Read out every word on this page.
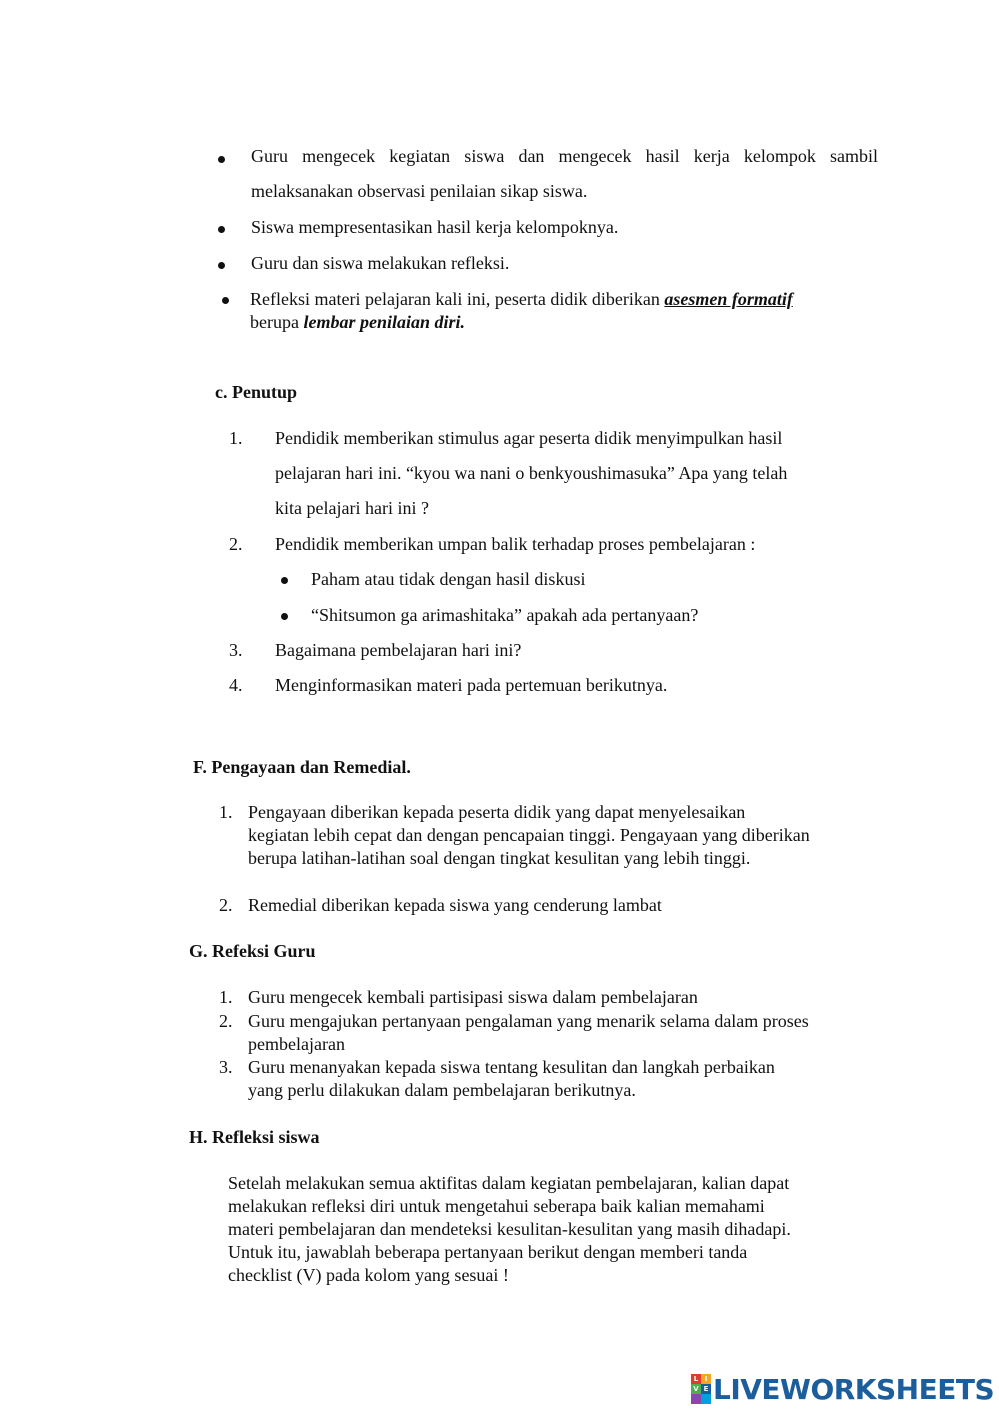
Guru mengecek kegiatan siswa dan mengecek hasil kerja kelompok sambil
melaksanakan observasi penilaian sikap siswa.
Siswa mempresentasikan hasil kerja kelompoknya.
Guru dan siswa melakukan refleksi.
Refleksi materi pelajaran kali ini, peserta didik diberikan asesmen formatif
berupa lembar penilaian diri.
c. Penutup
1. Pendidik memberikan stimulus agar peserta didik menyimpulkan hasil
pelajaran hari ini. “kyou wa nani o benkyoushimasuka” Apa yang telah
kita pelajari hari ini ?
2. Pendidik memberikan umpan balik terhadap proses pembelajaran :
Paham atau tidak dengan hasil diskusi
“Shitsumon ga arimashitaka” apakah ada pertanyaan?
3. Bagaimana pembelajaran hari ini?
4. Menginformasikan materi pada pertemuan berikutnya.
F. Pengayaan dan Remedial.
1. Pengayaan diberikan kepada peserta didik yang dapat menyelesaikan
kegiatan lebih cepat dan dengan pencapaian tinggi. Pengayaan yang diberikan
berupa latihan-latihan soal dengan tingkat kesulitan yang lebih tinggi.
2. Remedial diberikan kepada siswa yang cenderung lambat
G. Refeksi Guru
1. Guru mengecek kembali partisipasi siswa dalam pembelajaran
2. Guru mengajukan pertanyaan pengalaman yang menarik selama dalam proses
pembelajaran
3. Guru menanyakan kepada siswa tentang kesulitan dan langkah perbaikan
yang perlu dilakukan dalam pembelajaran berikutnya.
H. Refleksi siswa
Setelah melakukan semua aktifitas dalam kegiatan pembelajaran, kalian dapat
melakukan refleksi diri untuk mengetahui seberapa baik kalian memahami
materi pembelajaran dan mendeteksi kesulitan-kesulitan yang masih dihadapi.
Untuk itu, jawablah beberapa pertanyaan berikut dengan memberi tanda
checklist (V) pada kolom yang sesuai !
L I
V E LIVEWORKSHEETS
